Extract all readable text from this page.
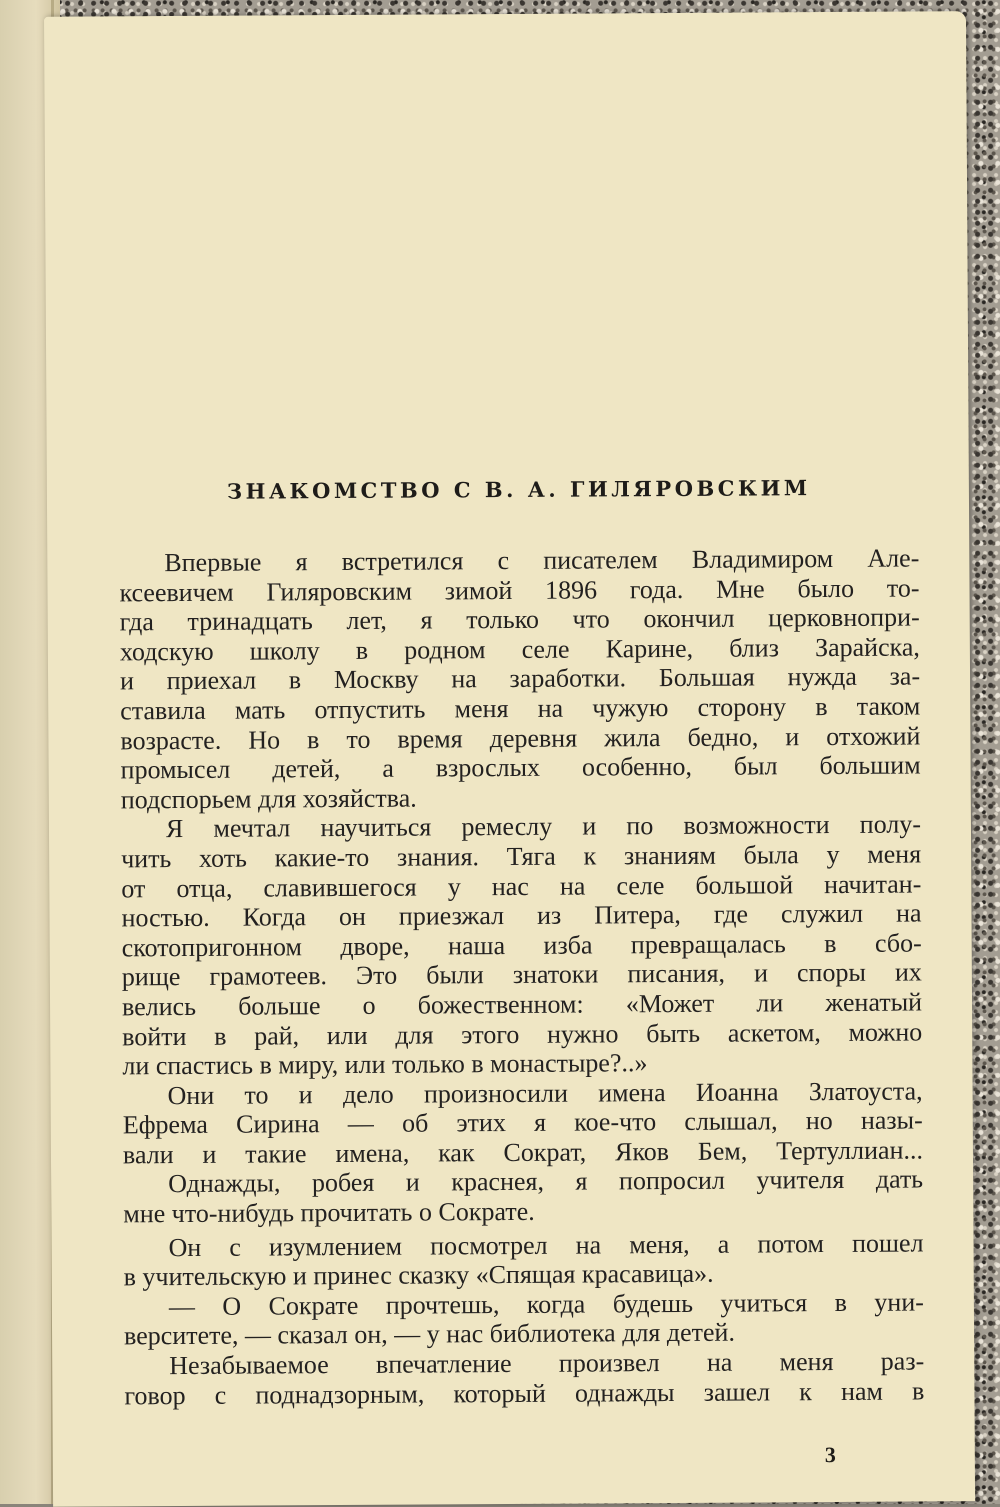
ЗНАКОМСТВО С В. А. ГИЛЯРОВСКИМ
Впервые я встретился с писателем Владимиром Але-
ксеевичем Гиляровским зимой 1896 года. Мне было то-
гда тринадцать лет, я только что окончил церковнопри-
ходскую школу в родном селе Карине, близ Зарайска,
и приехал в Москву на заработки. Большая нужда за-
ставила мать отпустить меня на чужую сторону в таком
возрасте. Но в то время деревня жила бедно, и отхожий
промысел детей, а взрослых особенно, был большим
подспорьем для хозяйства.
Я мечтал научиться ремеслу и по возможности полу-
чить хоть какие-то знания. Тяга к знаниям была у меня
от отца, славившегося у нас на селе большой начитан-
ностью. Когда он приезжал из Питера, где служил на
скотопригонном дворе, наша изба превращалась в сбо-
рище грамотеев. Это были знатоки писания, и споры их
велись больше о божественном: «Может ли женатый
войти в рай, или для этого нужно быть аскетом, можно
ли спастись в миру, или только в монастыре?..»
Они то и дело произносили имена Иоанна Златоуста,
Ефрема Сирина — об этих я кое-что слышал, но назы-
вали и такие имена, как Сократ, Яков Бем, Тертуллиан...
Однажды, робея и краснея, я попросил учителя дать
мне что-нибудь прочитать о Сократе.
Он с изумлением посмотрел на меня, а потом пошел
в учительскую и принес сказку «Спящая красавица».
— О Сократе прочтешь, когда будешь учиться в уни-
верситете, — сказал он, — у нас библиотека для детей.
Незабываемое впечатление произвел на меня раз-
говор с поднадзорным, который однажды зашел к нам в
3
